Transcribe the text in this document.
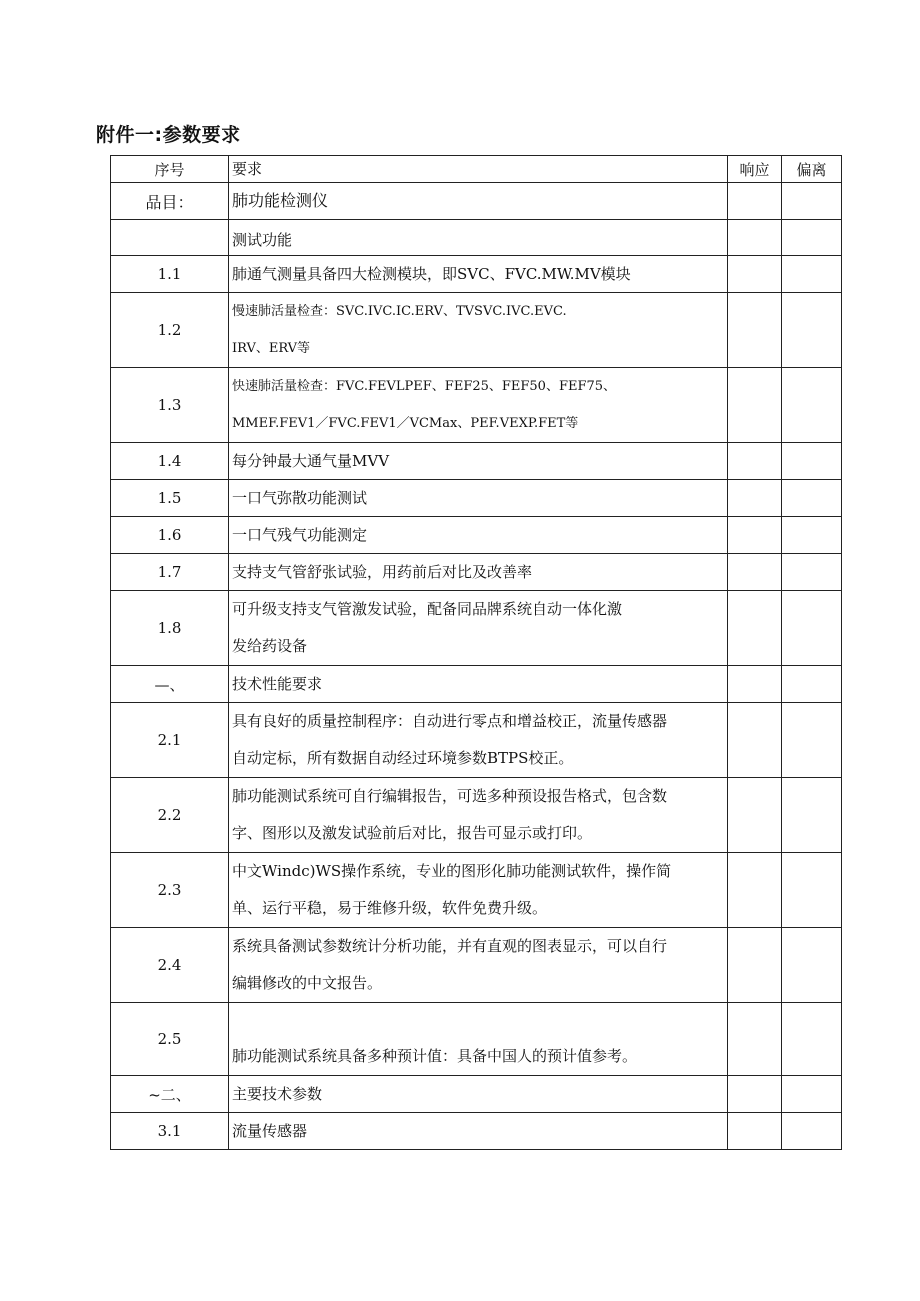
附件一:参数要求
序号	要求	响应	偏离
品目：	肺功能检测仪		
	测试功能		
1.1	肺通气测量具备四大检测模块，即SVC、FVC.MW.MV模块		
1.2	慢速肺活量检查：SVC.IVC.IC.ERV、TVSVC.IVC.EVC.
IRV、ERV等		

1.3	快速肺活量检查：FVC.FEVLPEF、FEF25、FEF50、FEF75、
MMEF.FEV1／FVC.FEV1／VCMax、PEF.VEXP.FET等		

1.4	每分钟最大通气量MVV		
1.5	一口气弥散功能测试		
1.6	一口气残气功能测定		
1.7	支持支气管舒张试验，用药前后对比及改善率		
1.8	可升级支持支气管激发试验，配备同品牌系统自动一体化激
发给药设备		

—、	技术性能要求		
2.1	具有良好的质量控制程序：自动进行零点和增益校正，流量传感器
自动定标，所有数据自动经过环境参数BTPS校正。		

2.2	肺功能测试系统可自行编辑报告，可选多种预设报告格式，包含数
字、图形以及激发试验前后对比，报告可显示或打印。		

2.3	中文Windc)WS操作系统，专业的图形化肺功能测试软件，操作简
单、运行平稳，易于维修升级，软件免费升级。		

2.4	系统具备测试参数统计分析功能，并有直观的图表显示，可以自行
编辑修改的中文报告。		

2.5	肺功能测试系统具备多种预计值：具备中国人的预计值参考。		
~二、	主要技术参数		
3.1	流量传感器		
